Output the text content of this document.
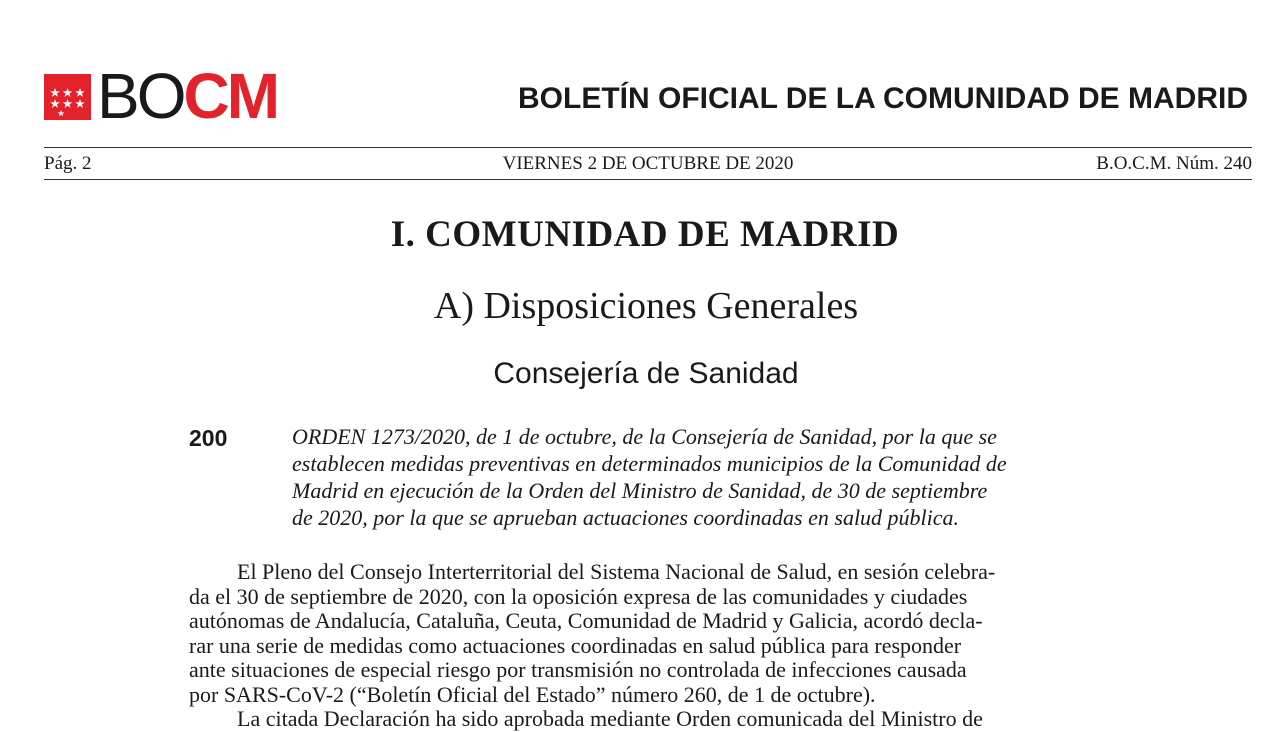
BOCM	BOLETÍN OFICIAL DE LA COMUNIDAD DE MADRID
Pág. 2	VIERNES 2 DE OCTUBRE DE 2020	B.O.C.M. Núm. 240
I. COMUNIDAD DE MADRID
A) Disposiciones Generales
Consejería de Sanidad
200	ORDEN 1273/2020, de 1 de octubre, de la Consejería de Sanidad, por la que se
establecen medidas preventivas en determinados municipios de la Comunidad de
Madrid en ejecución de la Orden del Ministro de Sanidad, de 30 de septiembre
de 2020, por la que se aprueban actuaciones coordinadas en salud pública.
El Pleno del Consejo Interterritorial del Sistema Nacional de Salud, en sesión celebra-
da el 30 de septiembre de 2020, con la oposición expresa de las comunidades y ciudades
autónomas de Andalucía, Cataluña, Ceuta, Comunidad de Madrid y Galicia, acordó decla-
rar una serie de medidas como actuaciones coordinadas en salud pública para responder
ante situaciones de especial riesgo por transmisión no controlada de infecciones causada
por SARS-CoV-2 (“Boletín Oficial del Estado” número 260, de 1 de octubre).
La citada Declaración ha sido aprobada mediante Orden comunicada del Ministro de
